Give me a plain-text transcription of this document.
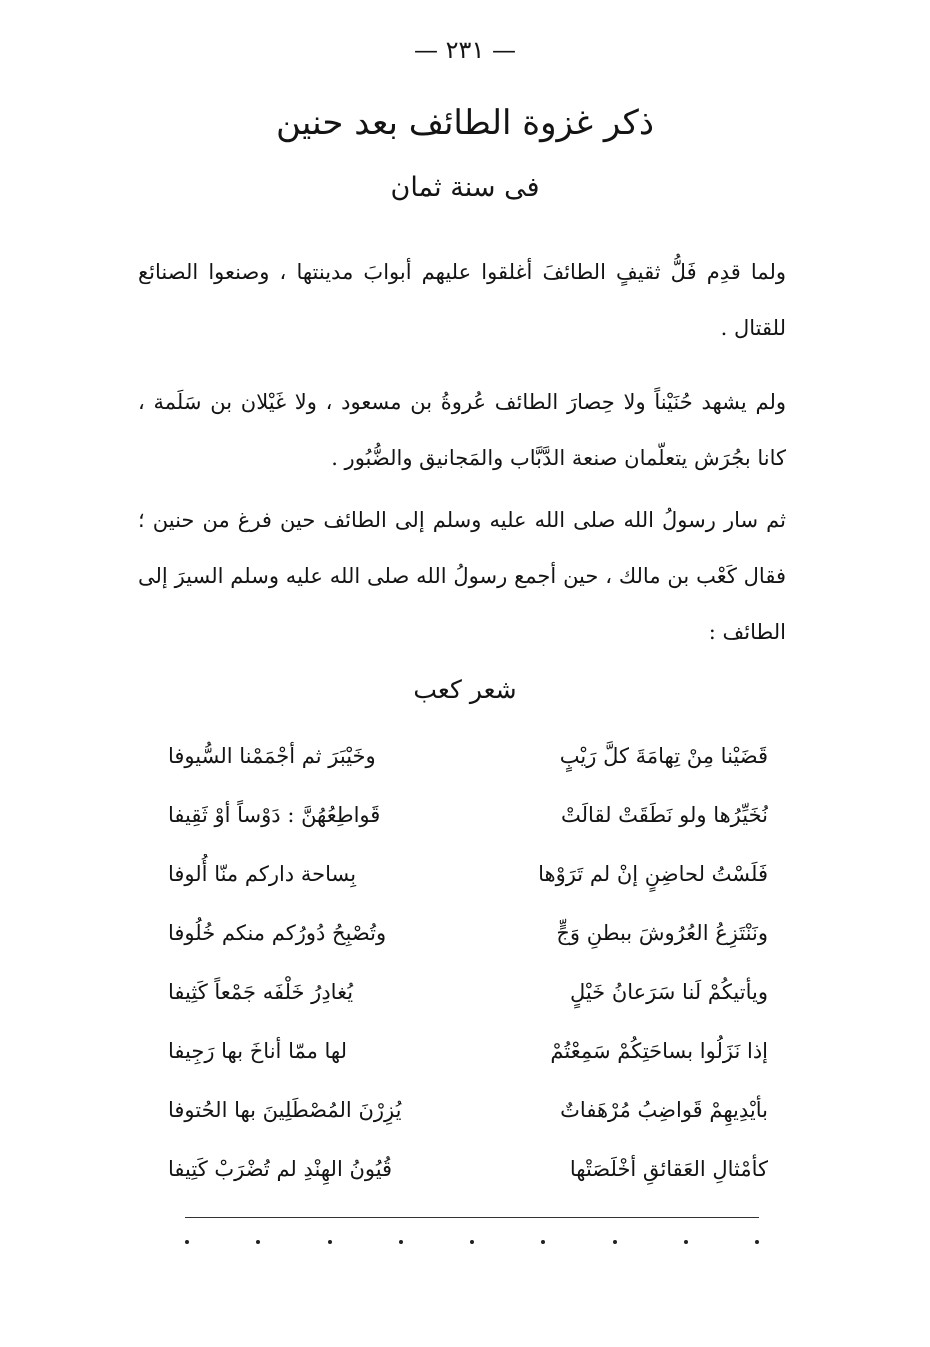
— ٢٣١ —
ذكر غزوة الطائف بعد حنين
فى سنة ثمان
ولما قدِم فَلُّ ثقيفٍ الطائفَ أغلقوا عليهم أبوابَ مدينتها ، وصنعوا الصنائع للقتال .
ولم يشهد حُنَيْناً ولا حِصارَ الطائف عُروةُ بن مسعود ، ولا غَيْلان بن سَلَمة ، كانا بجُرَش يتعلّمان صنعة الدَّبَّاب والمَجانيق والضُّبُور .
ثم سار رسولُ الله صلى الله عليه وسلم إلى الطائف حين فرغ من حنين ؛ فقال كَعْب بن مالك ، حين أجمع رسولُ الله صلى الله عليه وسلم السيرَ إلى الطائف :
شعر كعب
قَضَيْنا مِنْ تِهامَةَ كلَّ رَيْبٍ
وخَيْبَرَ ثم أجْمَمْنا السُّيوفا
نُخَيِّرُها ولو نَطَقَتْ لقالَتْ
قَواطِعُهُنَّ : دَوْساً أوْ ثَقِيفا
فَلَسْتُ لحاضِنٍ إنْ لم تَرَوْها
بِساحة داركم منّا أُلوفا
ونَنْتَزِعُ العُرُوشَ ببطنِ وَجٍّ
وتُصْبِحُ دُورُكم منكم خُلُوفا
ويأتيكُمْ لَنا سَرَعانُ خَيْلٍ
يُغادِرُ خَلْفَه جَمْعاً كَثِيفا
إذا نَزَلُوا بساحَتِكُمْ سَمِعْتُمْ
لها ممّا أناخَ بها رَجِيفا
بأيْدِيهِمْ قَواضِبُ مُرْهَفاتٌ
يُزِرْنَ المُصْطَلِينَ بها الحُتوفا
كأمْثالِ العَقائقِ أخْلَصَتْها
قُيُونُ الهِنْدِ لم تُضْرَبْ كَتِيفا
